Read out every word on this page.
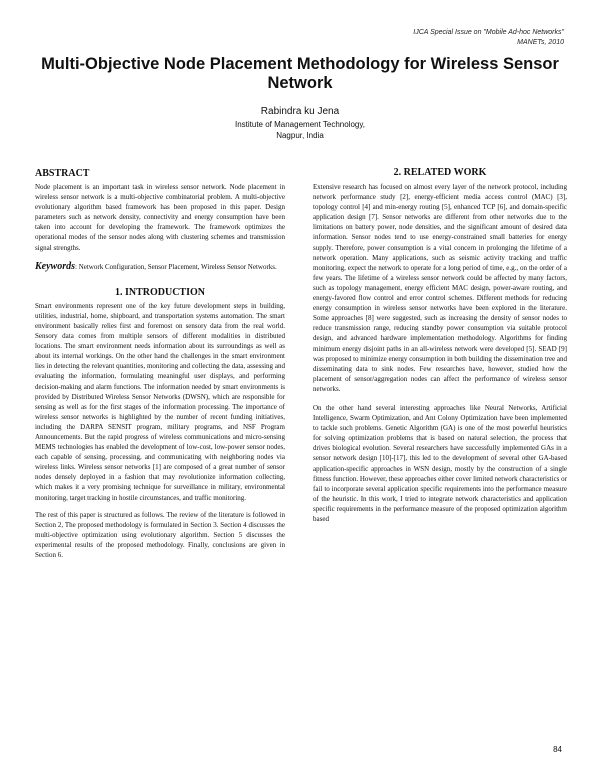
IJCA Special Issue on "Mobile Ad-hoc Networks"
MANETs, 2010
Multi-Objective Node Placement Methodology for Wireless Sensor Network
Rabindra ku Jena
Institute of Management Technology,
Nagpur, India
ABSTRACT

Node placement is an important task in wireless sensor network. Node placement in wireless sensor network is a multi-objective combinatorial problem. A multi-objective evolutionary algorithm based framework has been proposed in this paper. Design parameters such as network density, connectivity and energy consumption have been taken into account for developing the framework. The framework optimizes the operational modes of the sensor nodes along with clustering schemes and transmission signal strengths.

Keywords: Network Configuration, Sensor Placement, Wireless Sensor Networks.

1. INTRODUCTION

Smart environments represent one of the key future development steps in building, utilities, industrial, home, shipboard, and transportation systems automation. The smart environment basically relies first and foremost on sensory data from the real world. Sensory data comes from multiple sensors of different modalities in distributed locations. The smart environment needs information about its surroundings as well as about its internal workings. On the other hand the challenges in the smart environment lies in detecting the relevant quantities, monitoring and collecting the data, assessing and evaluating the information, formulating meaningful user displays, and performing decision-making and alarm functions. The information needed by smart environments is provided by Distributed Wireless Sensor Networks (DWSN), which are responsible for sensing as well as for the first stages of the information processing. The importance of wireless sensor networks is highlighted by the number of recent funding initiatives, including the DARPA SENSIT program, military programs, and NSF Program Announcements. But the rapid progress of wireless communications and micro-sensing MEMS technologies has enabled the development of low-cost, low-power sensor nodes, each capable of sensing, processing, and communicating with neighboring nodes via wireless links. Wireless sensor networks [1] are composed of a great number of sensor nodes densely deployed in a fashion that may revolutionize information collecting, which makes it a very promising technique for surveillance in military, environmental monitoring, target tracking in hostile circumstances, and traffic monitoring.

The rest of this paper is structured as follows. The review of the literature is followed in Section 2, The proposed methodology is formulated in Section 3. Section 4 discusses the multi-objective optimization using evolutionary algorithm. Section 5 discusses the experimental results of the proposed methodology. Finally, conclusions are given in Section 6.

2. RELATED WORK

Extensive research has focused on almost every layer of the network protocol, including network performance study [2], energy-efficient media access control (MAC) [3], topology control [4] and min-energy routing [5], enhanced TCP [6], and domain-specific application design [7]. Sensor networks are different from other networks due to the limitations on battery power, node densities, and the significant amount of desired data information. Sensor nodes tend to use energy-constrained small batteries for energy supply. Therefore, power consumption is a vital concern in prolonging the lifetime of a network operation. Many applications, such as seismic activity tracking and traffic monitoring, expect the network to operate for a long period of time, e.g., on the order of a few years. The lifetime of a wireless sensor network could be affected by many factors, such as topology management, energy efficient MAC design, power-aware routing, and energy-favored flow control and error control schemes. Different methods for reducing energy consumption in wireless sensor networks have been explored in the literature. Some approaches [8] were suggested, such as increasing the density of sensor nodes to reduce transmission range, reducing standby power consumption via suitable protocol design, and advanced hardware implementation methodology. Algorithms for finding minimum energy disjoint paths in an all-wireless network were developed [5]. SEAD [9] was proposed to minimize energy consumption in both building the dissemination tree and disseminating data to sink nodes. Few researches have, however, studied how the placement of sensor/aggregation nodes can affect the performance of wireless sensor networks.

On the other hand several interesting approaches like Neural Networks, Artificial Intelligence, Swarm Optimization, and Ant Colony Optimization have been implemented to tackle such problems. Genetic Algorithm (GA) is one of the most powerful heuristics for solving optimization problems that is based on natural selection, the process that drives biological evolution. Several researchers have successfully implemented GAs in a sensor network design [10]-[17], this led to the development of several other GA-based application-specific approaches in WSN design, mostly by the construction of a single fitness function. However, these approaches either cover limited network characteristics or fail to incorporate several application specific requirements into the performance measure of the heuristic. In this work, I tried to integrate network characteristics and application specific requirements in the performance measure of the proposed optimization algorithm based

84
